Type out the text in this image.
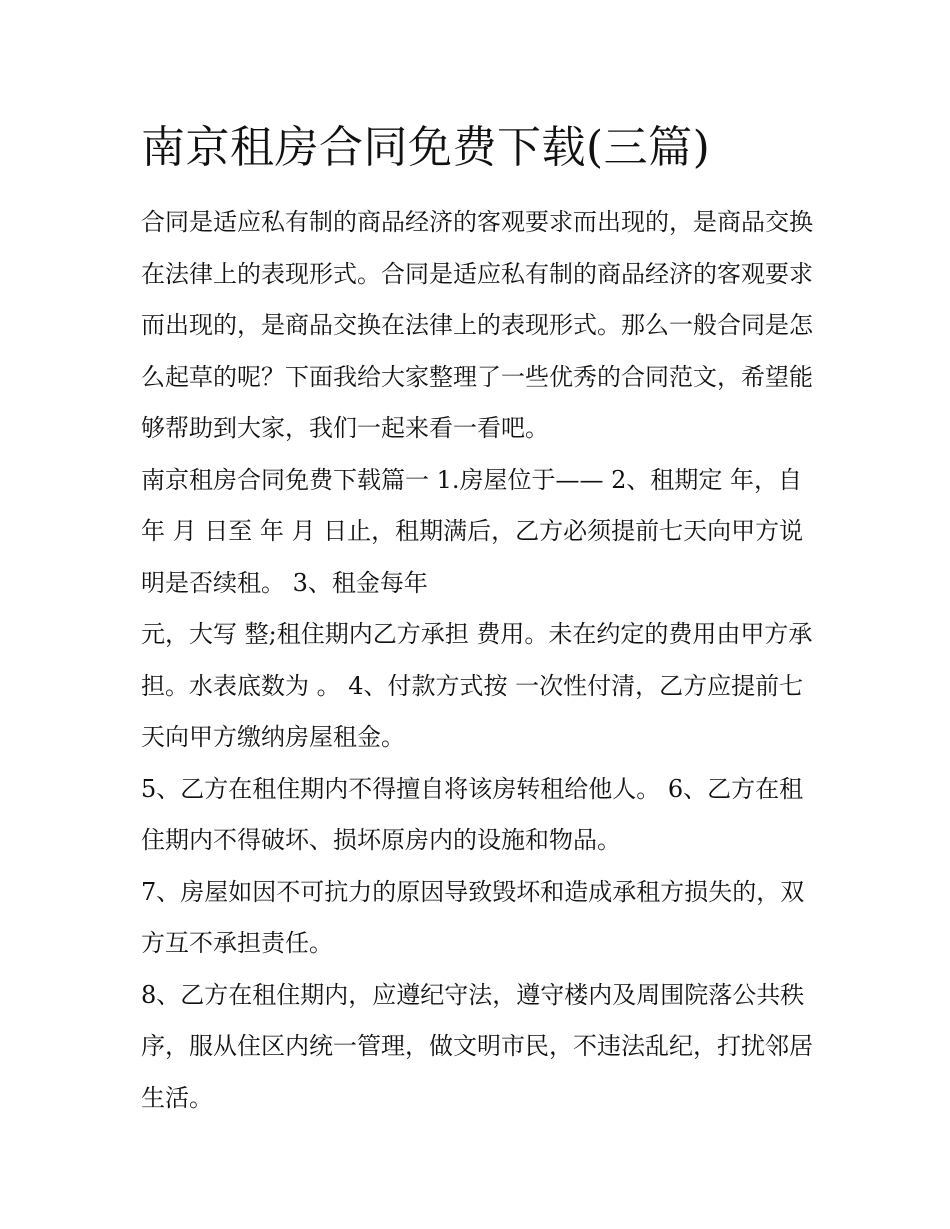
南京租房合同免费下载(三篇)

合同是适应私有制的商品经济的客观要求而出现的，是商品交换在法律上的表现形式。合同是适应私有制的商品经济的客观要求而出现的，是商品交换在法律上的表现形式。那么一般合同是怎么起草的呢？下面我给大家整理了一些优秀的合同范文，希望能够帮助到大家，我们一起来看一看吧。

南京租房合同免费下载篇一 1.房屋位于—— 2、租期定 年，自年 月 日至 年 月 日止，租期满后，乙方必须提前七天向甲方说明是否续租。 3、租金每年

元，大写 整;租住期内乙方承担 费用。未在约定的费用由甲方承担。水表底数为 。 4、付款方式按 一次性付清，乙方应提前七天向甲方缴纳房屋租金。

5、乙方在租住期内不得擅自将该房转租给他人。 6、乙方在租住期内不得破坏、损坏原房内的设施和物品。

7、房屋如因不可抗力的原因导致毁坏和造成承租方损失的，双方互不承担责任。

8、乙方在租住期内，应遵纪守法，遵守楼内及周围院落公共秩序，服从住区内统一管理，做文明市民，不违法乱纪，打扰邻居生活。
